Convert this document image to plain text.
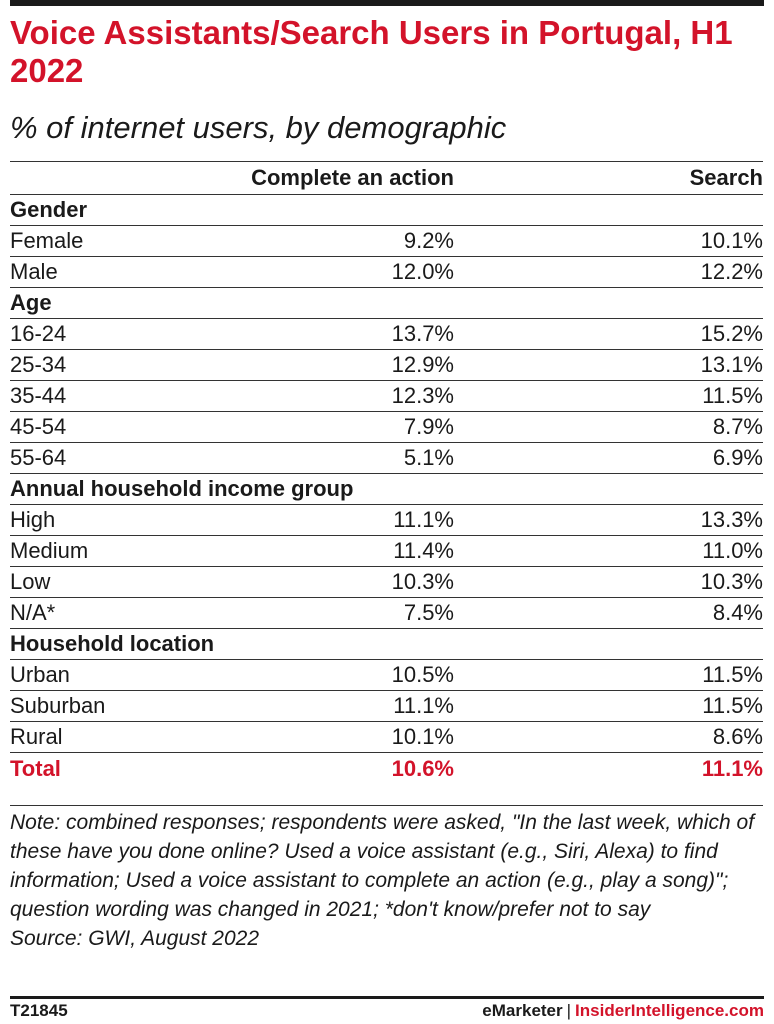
Voice Assistants/Search Users in Portugal, H1 2022
% of internet users, by demographic
Complete an action	Search
Gender
Female	9.2%	10.1%
Male	12.0%	12.2%
Age
16-24	13.7%	15.2%
25-34	12.9%	13.1%
35-44	12.3%	11.5%
45-54	7.9%	8.7%
55-64	5.1%	6.9%
Annual household income group
High	11.1%	13.3%
Medium	11.4%	11.0%
Low	10.3%	10.3%
N/A*	7.5%	8.4%
Household location
Urban	10.5%	11.5%
Suburban	11.1%	11.5%
Rural	10.1%	8.6%
Total	10.6%	11.1%

Note: combined responses; respondents were asked, "In the last week, which of these have you done online? Used a voice assistant (e.g., Siri, Alexa) to find information; Used a voice assistant to complete an action (e.g., play a song)"; question wording was changed in 2021; *don't know/prefer not to say

Source: GWI, August 2022

T21845	eMarketer | InsiderIntelligence.com
